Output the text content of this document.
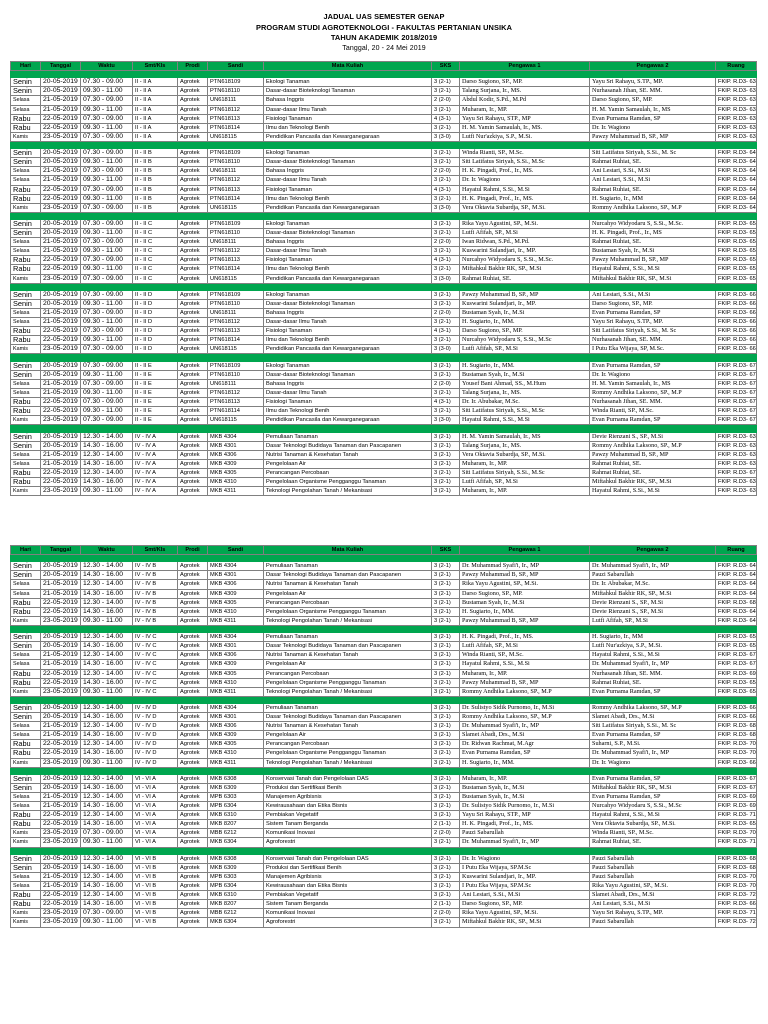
JADUAL UAS SEMESTER GENAP
PROGRAM STUDI AGROTEKNOLOGI - FAKULTAS PERTANIAN UNSIKA
TAHUN AKADEMIK 2018/2019
Tanggal, 20 - 24 Mei 2019
Hari	Tanggal	Waktu	Smt/Kls	Prodi	Sandi	Mata Kuliah	SKS	Pengawas 1	Pengawas 2	Ruang

Senin	20-05-2019	07.30 - 09.00	II - II A	Agrotek	PTN618109	Ekologi Tanaman	3 (2-1)	Darso Sugiono, SP., MP.	Yayu Sri Rahayu, S.TP., MP.	FKIP. R.D3- 63
Senin	20-05-2019	09.30 - 11.00	II - II A	Agrotek	PTN618110	Dasar-dasar Bioteknologi Tanaman	3 (2-1)	Talang Surjana, Ir., MS.	Nurhasanah Jihan, SE. MM.	FKIP. R.D3- 63
Selasa	21-05-2019	07.30 - 09.00	II - II A	Agrotek	UN618111	Bahasa Inggris	2 (2-0)	Abdul Kodir, S.Pd., M.Pd	Darso Sugiono, SP., MP.	FKIP. R.D3- 63
Selasa	21-05-2019	09.30 - 11.00	II - II A	Agrotek	PTN618112	Dasar-dasar Ilmu Tanah	3 (2-1)	Muharam, Ir., MP.	H. M. Yamin Samaulah, Ir., MS	FKIP. R.D3- 63
Rabu	22-05-2019	07.30 - 09.00	II - II A	Agrotek	PTN618113	Fisiologi Tanaman	4 (3-1)	Yayu Sri Rahayu, STP., MP	Evan Purnama Ramdan, SP	FKIP. R.D3- 63
Rabu	22-05-2019	09.30 - 11.00	II - II A	Agrotek	PTN618114	Ilmu dan Teknologi Benih	3 (2-1)	H. M. Yamin Samaulah, Ir., MS.	Dr. Ir. Wagiono	FKIP. R.D3- 63
Kamis	23-05-2019	07.30 - 09.00	II - II A	Agrotek	UN618115	Pendidikan Pancasila dan Kewarganegaraan	3 (3-0)	Lutfi Nur'azkiya, S.P., M.Si.	Pawzy Muhammad B, SP., MP	FKIP. R.D3- 63

Senin	20-05-2019	07.30 - 09.00	II - II B	Agrotek	PTN618109	Ekologi Tanaman	3 (2-1)	Winda Rianti, SP., M.Sc.	Siti Latifatus Siriyah, S.Si., M. Sc	FKIP. R.D3- 64
Senin	20-05-2019	09.30 - 11.00	II - II B	Agrotek	PTN618110	Dasar-dasar Bioteknologi Tanaman	3 (2-1)	Siti Latifatus Siriyah, S.Si., M.Sc	Rahmat Ruhiat, SE.	FKIP. R.D3- 64
Selasa	21-05-2019	07.30 - 09.00	II - II B	Agrotek	UN618111	Bahasa Inggris	2 (2-0)	H. K. Pingadi, Prof., Ir., MS.	Ani Lestari, S.Si., M.Si	FKIP. R.D3- 64
Selasa	21-05-2019	09.30 - 11.00	II - II B	Agrotek	PTN618112	Dasar-dasar Ilmu Tanah	3 (2-1)	Dr. Ir. Wagiono	Ani Lestari, S.Si., M.Si	FKIP. R.D3- 64
Rabu	22-05-2019	07.30 - 09.00	II - II B	Agrotek	PTN618113	Fisiologi Tanaman	4 (3-1)	Hayatul Rahmi, S.Si., M.Si	Rahmat Ruhiat, SE.	FKIP. R.D3- 64
Rabu	22-05-2019	09.30 - 11.00	II - II B	Agrotek	PTN618114	Ilmu dan Teknologi Benih	3 (2-1)	H. K. Pingadi, Prof., Ir., MS.	H. Sugiarto, Ir., MM	FKIP. R.D3- 64
Kamis	23-05-2019	07.30 - 09.00	II - II B	Agrotek	UN618115	Pendidikan Pancasila dan Kewarganegaraan	3 (3-0)	Vera Oktavia Subardja, SP., M.Si.	Rommy Andhika Laksono, SP., M.P	FKIP. R.D3- 64

Senin	20-05-2019	07.30 - 09.00	II - II C	Agrotek	PTN618109	Ekologi Tanaman	3 (2-1)	Rika Yayu Agustini, SP., M.Si.	Nurcahyo Widyodaru S, S.Si., M.Sc.	FKIP. R.D3- 65
Senin	20-05-2019	09.30 - 11.00	II - II C	Agrotek	PTN618110	Dasar-dasar Bioteknologi Tanaman	3 (2-1)	Lutfi Afifah, SP., M.Si	H. K. Pingadi, Prof., Ir., MS	FKIP. R.D3- 65
Selasa	21-05-2019	07.30 - 09.00	II - II C	Agrotek	UN618111	Bahasa Inggris	2 (2-0)	Iwan Ridwan, S.Pd., M.Pd.	Rahmat Ruhiat, SE.	FKIP. R.D3- 65
Selasa	21-05-2019	09.30 - 11.00	II - II C	Agrotek	PTN618112	Dasar-dasar Ilmu Tanah	3 (2-1)	Kuswarini Sulandjari, Ir., MP.	Bustaman Syah, Ir., M.Si	FKIP. R.D3- 65
Rabu	22-05-2019	07.30 - 09.00	II - II C	Agrotek	PTN618113	Fisiologi Tanaman	4 (3-1)	Nurcahyo Widyodaru S, S.Si., M.Sc.	Pawzy Muhammad B, SP., MP	FKIP. R.D3- 65
Rabu	22-05-2019	09.30 - 11.00	II - II C	Agrotek	PTN618114	Ilmu dan Teknologi Benih	3 (2-1)	Miftahkul Bakhir RK, SP., M.Si	Hayatul Rahmi, S.Si., M.Si	FKIP. R.D3- 65
Kamis	23-05-2019	07.30 - 09.00	II - II C	Agrotek	UN618115	Pendidikan Pancasila dan Kewarganegaraan	3 (3-0)	Rahmat Ruhiat, SE.	Miftahkul Bakhir RK, SP., M.Si	FKIP. R.D3- 65

Senin	20-05-2019	07.30 - 09.00	II - II D	Agrotek	PTN618109	Ekologi Tanaman	3 (2-1)	Pawzy Muhammad B, SP., MP	Ani Lestari, S.Si., M.Si	FKIP. R.D3- 66
Senin	20-05-2019	09.30 - 11.00	II - II D	Agrotek	PTN618110	Dasar-dasar Bioteknologi Tanaman	3 (2-1)	Kuswarini Sulandjari, Ir., MP.	Darso Sugiono, SP., MP.	FKIP. R.D3- 66
Selasa	21-05-2019	07.30 - 09.00	II - II D	Agrotek	UN618111	Bahasa Inggris	2 (2-0)	Bustaman Syah, Ir., M.Si	Evan Purnama Ramdan, SP	FKIP. R.D3- 66
Selasa	21-05-2019	09.30 - 11.00	II - II D	Agrotek	PTN618112	Dasar-dasar Ilmu Tanah	3 (2-1)	H. Sugiarto, Ir., MM.	Yayu Sri Rahayu, S.TP., MP.	FKIP. R.D3- 66
Rabu	22-05-2019	07.30 - 09.00	II - II D	Agrotek	PTN618113	Fisiologi Tanaman	4 (3-1)	Darso Sugiono, SP., MP.	Siti Latifatus Siriyah, S.Si., M. Sc	FKIP. R.D3- 66
Rabu	22-05-2019	09.30 - 11.00	II - II D	Agrotek	PTN618114	Ilmu dan Teknologi Benih	3 (2-1)	Nurcahyo Widyodaru S, S.Si., M.Sc	Nurhasanah Jihan, SE. MM.	FKIP. R.D3- 66
Kamis	23-05-2019	07.30 - 09.00	II - II D	Agrotek	UN618115	Pendidikan Pancasila dan Kewarganegaraan	3 (3-0)	Lutfi Afifah, SP., M.Si	I Putu Eka Wijaya, SP, M.Sc.	FKIP. R.D3- 66

Senin	20-05-2019	07.30 - 09.00	II - II E	Agrotek	PTN618109	Ekologi Tanaman	3 (2-1)	H. Sugiarto, Ir., MM.	Evan Purnama Ramdan, SP	FKIP. R.D3- 67
Senin	20-05-2019	09.30 - 11.00	II - II E	Agrotek	PTN618110	Dasar-dasar Bioteknologi Tanaman	3 (2-1)	Bustaman Syah, Ir., M.Si	Dr. Ir. Wagiono	FKIP. R.D3- 67
Selasa	21-05-2019	07.30 - 09.00	II - II E	Agrotek	UN618111	Bahasa Inggris	2 (2-0)	Yousef Bani Ahmad, SS., M.Hum	H. M. Yamin Samaulah, Ir., MS	FKIP. R.D3- 67
Selasa	21-05-2019	09.30 - 11.00	II - II E	Agrotek	PTN618112	Dasar-dasar Ilmu Tanah	3 (2-1)	Talang Surjana, Ir., MS.	Rommy Andhika Laksono, SP., M.P	FKIP. R.D3- 67
Rabu	22-05-2019	07.30 - 09.00	II - II E	Agrotek	PTN618113	Fisiologi Tanaman	4 (3-1)	Dr. Ir. Abubakar, M.Sc.	Nurhasanah Jihan, SE. MM.	FKIP. R.D3- 67
Rabu	22-05-2019	09.30 - 11.00	II - II E	Agrotek	PTN618114	Ilmu dan Teknologi Benih	3 (2-1)	Siti Latifatus Siriyah, S.Si., M.Sc	Winda Rianti, SP., M.Sc.	FKIP. R.D3- 67
Kamis	23-05-2019	07.30 - 09.00	II - II E	Agrotek	UN618115	Pendidikan Pancasila dan Kewarganegaraan	3 (3-0)	Hayatul Rahmi, S.Si., M.Si	Evan Purnama Ramdan, SP	FKIP. R.D3- 67

Senin	20-05-2019	12.30 - 14.00	IV - IV A	Agrotek	MKB 4304	Pemuliaan Tanaman	3 (2-1)	H. M. Yamin Samaulah, Ir., MS	Devie Rienzani S., SP., M.Si	FKIP. R.D3- 63
Senin	20-05-2019	14.30 - 16.00	IV - IV A	Agrotek	MKB 4301	Dasar Teknologi Budidaya Tanaman dan Pascapanen	3 (2-1)	Talang Surjana, Ir., MS.	Rommy Andhika Laksono, SP., M.P	FKIP. R.D3- 63
Selasa	21-05-2019	12.30 - 14.00	IV - IV A	Agrotek	MKB 4306	Nutrisi Tanaman & Kesehatan Tanah	3 (2-1)	Vera Oktavia Subardja, SP., M.Si.	Pawzy Muhammad B, SP., MP	FKIP. R.D3- 63
Selasa	21-05-2019	14.30 - 16.00	IV - IV A	Agrotek	MKB 4309	Pengelolaan Air	3 (2-1)	Muharam, Ir., MP.	Rahmat Ruhiat, SE.	FKIP. R.D3- 63
Rabu	22-05-2019	12.30 - 14.00	IV - IV A	Agrotek	MKB 4305	Perancangan Percobaan	3 (2-1)	Siti Latifatus Siriyah, S.Si., M.Sc	Rahmat Ruhiat, SE.	FKIP. R.D3- 67
Rabu	22-05-2019	14.30 - 16.00	IV - IV A	Agrotek	MKB 4310	Pengelolaan Organisme Pengganggu Tanaman	3 (2-1)	Lutfi Afifah, SP., M.Si	Miftahkul Bakhir RK, SP., M.Si	FKIP. R.D3- 63
Kamis	23-05-2019	09.30 - 11.00	IV - IV A	Agrotek	MKB 4311	Teknologi Pengolahan Tanah / Mekanisasi	3 (2-1)	Muharam, Ir., MP.	Hayatul Rahmi, S.Si., M.Si	FKIP. R.D3- 63
Hari	Tanggal	Waktu	Smt/Kls	Prodi	Sandi	Mata Kuliah	SKS	Pengawas 1	Pengawas 2	Ruang

Senin	20-05-2019	12.30 - 14.00	IV - IV B	Agrotek	MKB 4304	Pemuliaan Tanaman	3 (2-1)	Dr. Muhammad Syafi'i, Ir., MP	Dr. Muhammad Syafi'i, Ir., MP	FKIP. R.D3- 64
Senin	20-05-2019	14.30 - 16.00	IV - IV B	Agrotek	MKB 4301	Dasar Teknologi Budidaya Tanaman dan Pascapanen	3 (2-1)	Pawzy Muhammad B, SP., MP	Pauzi Sabarullah	FKIP. R.D3- 64
Selasa	21-05-2019	12.30 - 14.00	IV - IV B	Agrotek	MKB 4306	Nutrisi Tanaman & Kesehatan Tanah	3 (2-1)	Rika Yayu Agustini, SP., M.Si.	Dr. Ir. Abubakar, M.Sc.	FKIP. R.D3- 64
Selasa	21-05-2019	14.30 - 16.00	IV - IV B	Agrotek	MKB 4309	Pengelolaan Air	3 (2-1)	Darso Sugiono, SP., MP.	Miftahkul Bakhir RK, SP., M.Si	FKIP. R.D3- 64
Rabu	22-05-2019	12.30 - 14.00	IV - IV B	Agrotek	MKB 4305	Perancangan Percobaan	3 (2-1)	Bustaman Syah, Ir., M.Si	Devie Rienzani S., SP., M.Si	FKIP. R.D3- 68
Rabu	22-05-2019	14.30 - 16.00	IV - IV B	Agrotek	MKB 4310	Pengelolaan Organisme Pengganggu Tanaman	3 (2-1)	H. Sugiarto, Ir., MM.	Devie Rienzani S., SP., M.Si	FKIP. R.D3- 64
Kamis	23-05-2019	09.30 - 11.00	IV - IV B	Agrotek	MKB 4311	Teknologi Pengolahan Tanah / Mekanisasi	3 (2-1)	Pawzy Muhammad B, SP., MP	Lutfi Afifah, SP., M.Si	FKIP. R.D3- 64

Senin	20-05-2019	12.30 - 14.00	IV - IV C	Agrotek	MKB 4304	Pemuliaan Tanaman	3 (2-1)	H. K. Pingadi, Prof., Ir., MS.	H. Sugiarto, Ir., MM	FKIP. R.D3- 65
Senin	20-05-2019	14.30 - 16.00	IV - IV C	Agrotek	MKB 4301	Dasar Teknologi Budidaya Tanaman dan Pascapanen	3 (2-1)	Lutfi Afifah, SP., M.Si	Lutfi Nur'azkiya, S.P., M.Si.	FKIP. R.D3- 65
Selasa	21-05-2019	12.30 - 14.00	IV - IV C	Agrotek	MKB 4306	Nutrisi Tanaman & Kesehatan Tanah	3 (2-1)	Winda Rianti, SP., M.Sc.	Hayatul Rahmi, S.Si., M.Si	FKIP. R.D3- 67
Selasa	21-05-2019	14.30 - 16.00	IV - IV C	Agrotek	MKB 4309	Pengelolaan Air	3 (2-1)	Hayatul Rahmi, S.Si., M.Si	Dr. Muhammad Syafi'i, Ir., MP	FKIP. R.D3- 67
Rabu	22-05-2019	12.30 - 14.00	IV - IV C	Agrotek	MKB 4305	Perancangan Percobaan	3 (2-1)	Muharam, Ir., MP.	Nurhasanah Jihan, SE. MM.	FKIP. R.D3- 69
Rabu	22-05-2019	14.30 - 16.00	IV - IV C	Agrotek	MKB 4310	Pengelolaan Organisme Pengganggu Tanaman	3 (2-1)	Pawzy Muhammad B, SP., MP	Rahmat Ruhiat, SE.	FKIP. R.D3- 65
Kamis	23-05-2019	09.30 - 11.00	IV - IV C	Agrotek	MKB 4311	Teknologi Pengolahan Tanah / Mekanisasi	3 (2-1)	Rommy Andhika Laksono, SP., M.P	Evan Purnama Ramdan, SP	FKIP. R.D3- 65

Senin	20-05-2019	12.30 - 14.00	IV - IV D	Agrotek	MKB 4304	Pemuliaan Tanaman	3 (2-1)	Dr. Sulistyo Sidik Purnomo, Ir., M.Si	Rommy Andhika Laksono, SP., M.P	FKIP. R.D3- 66
Senin	20-05-2019	14.30 - 16.00	IV - IV D	Agrotek	MKB 4301	Dasar Teknologi Budidaya Tanaman dan Pascapanen	3 (2-1)	Rommy Andhika Laksono, SP., M.P	Slamet Abadi, Drs., M.Si	FKIP. R.D3- 66
Selasa	21-05-2019	12.30 - 14.00	IV - IV D	Agrotek	MKB 4306	Nutrisi Tanaman & Kesehatan Tanah	3 (2-1)	Dr. Muhammad Syafi'i, Ir., MP	Siti Latifatus Siriyah, S.Si., M. Sc	FKIP. R.D3- 68
Selasa	21-05-2019	14.30 - 16.00	IV - IV D	Agrotek	MKB 4309	Pengelolaan Air	3 (2-1)	Slamet Abadi, Drs., M.Si	Evan Purnama Ramdan, SP	FKIP. R.D3- 68
Rabu	22-05-2019	12.30 - 14.00	IV - IV D	Agrotek	MKB 4305	Perancangan Percobaan	3 (2-1)	Dr. Ridwan Rachmat, M.Agr	Suharni, S.P., M.Si.	FKIP. R.D3- 70
Rabu	22-05-2019	14.30 - 16.00	IV - IV D	Agrotek	MKB 4310	Pengelolaan Organisme Pengganggu Tanaman	3 (2-1)	Evan Purnama Ramdan, SP	Dr. Muhammad Syafi'i, Ir., MP	FKIP. R.D3- 70
Kamis	23-05-2019	09.30 - 11.00	IV - IV D	Agrotek	MKB 4311	Teknologi Pengolahan Tanah / Mekanisasi	3 (2-1)	H. Sugiarto, Ir., MM.	Dr. Ir. Wagiono	FKIP. R.D3- 66

Senin	20-05-2019	12.30 - 14.00	VI - VI A	Agrotek	MKB 6308	Konservasi Tanah dan Pengelolaan DAS	3 (2-1)	Muharam, Ir., MP.	Evan Purnama Ramdan, SP	FKIP. R.D3- 67
Senin	20-05-2019	14.30 - 16.00	VI - VI A	Agrotek	MKB 6309	Produksi dan Sertifikasi Benih	3 (2-1)	Bustaman Syah, Ir., M.Si	Miftahkul Bakhir RK, SP., M.Si	FKIP. R.D3- 67
Selasa	21-05-2019	12.30 - 14.00	VI - VI A	Agrotek	MPB 6303	Manajemen Agribisnis	3 (2-1)	Bustaman Syah, Ir., M.Si	Evan Purnama Ramdan, SP	FKIP. R.D3- 69
Selasa	21-05-2019	14.30 - 16.00	VI - VI A	Agrotek	MPB 6304	Kewirausahaan dan Etika Bisnis	3 (2-1)	Dr. Sulistyo Sidik Purnomo, Ir., M.Si	Nurcahyo Widyodaru S, S.Si., M.Sc	FKIP. R.D3- 69
Rabu	22-05-2019	12.30 - 14.00	VI - VI A	Agrotek	MKB 6310	Pembiakan Vegetatif	3 (2-1)	Yayu Sri Rahayu, STP., MP	Hayatul Rahmi, S.Si., M.Si	FKIP. R.D3- 71
Rabu	22-05-2019	14.30 - 16.00	VI - VI A	Agrotek	MKB 8207	Sistem Tanam Berganda	2 (1-1)	H. K. Pingadi, Prof., Ir., MS.	Vera Oktavia Subardja, SP., M.Si.	FKIP. R.D3- 65
Kamis	23-05-2019	07.30 - 09.00	VI - VI A	Agrotek	MBB 6212	Komunikasi Inovasi	2 (2-0)	Pauzi Sabarullah	Winda Rianti, SP., M.Sc.	FKIP. R.D3- 70
Kamis	23-05-2019	09.30 - 11.00	VI - VI A	Agrotek	MKB 6304	Agroforestri	3 (2-1)	Dr. Muhammad Syafi'i, Ir., MP	Rahmat Ruhiat, SE.	FKIP. R.D3- 71

Senin	20-05-2019	12.30 - 14.00	VI - VI B	Agrotek	MKB 6308	Konservasi Tanah dan Pengelolaan DAS	3 (2-1)	Dr. Ir. Wagiono	Pauzi Sabarullah	FKIP. R.D3- 68
Senin	20-05-2019	14.30 - 16.00	VI - VI B	Agrotek	MKB 6309	Produksi dan Sertifikasi Benih	3 (2-1)	I Putu Eka Wijaya, SP.M.Sc	Pauzi Sabarullah	FKIP. R.D3- 68
Selasa	21-05-2019	12.30 - 14.00	VI - VI B	Agrotek	MPB 6303	Manajemen Agribisnis	3 (2-1)	Kuswarini Sulandjari, Ir., MP.	Pauzi Sabarullah	FKIP. R.D3- 70
Selasa	21-05-2019	14.30 - 16.00	VI - VI B	Agrotek	MPB 6304	Kewirausahaan dan Etika Bisnis	3 (2-1)	I Putu Eka Wijaya, SP.M.Sc	Rika Yayu Agustini, SP., M.Si.	FKIP. R.D3- 70
Rabu	22-05-2019	12.30 - 14.00	VI - VI B	Agrotek	MKB 6310	Pembiakan Vegetatif	3 (2-1)	Ani Lestari, S.Si., M.Si	Slamet Abadi, Drs., M.Si	FKIP. R.D3- 72
Rabu	22-05-2019	14.30 - 16.00	VI - VI B	Agrotek	MKB 8207	Sistem Tanam Berganda	2 (1-1)	Darso Sugiono, SP., MP.	Ani Lestari, S.Si., M.Si	FKIP. R.D3- 66
Kamis	23-05-2019	07.30 - 09.00	VI - VI B	Agrotek	MBB 6212	Komunikasi Inovasi	2 (2-0)	Rika Yayu Agustini, SP., M.Si.	Yayu Sri Rahayu, S.TP., MP.	FKIP. R.D3- 71
Kamis	23-05-2019	09.30 - 11.00	VI - VI B	Agrotek	MKB 6304	Agroforestri	3 (2-1)	Miftahkul Bakhir RK, SP., M.Si	Pauzi Sabarullah	FKIP. R.D3- 72
